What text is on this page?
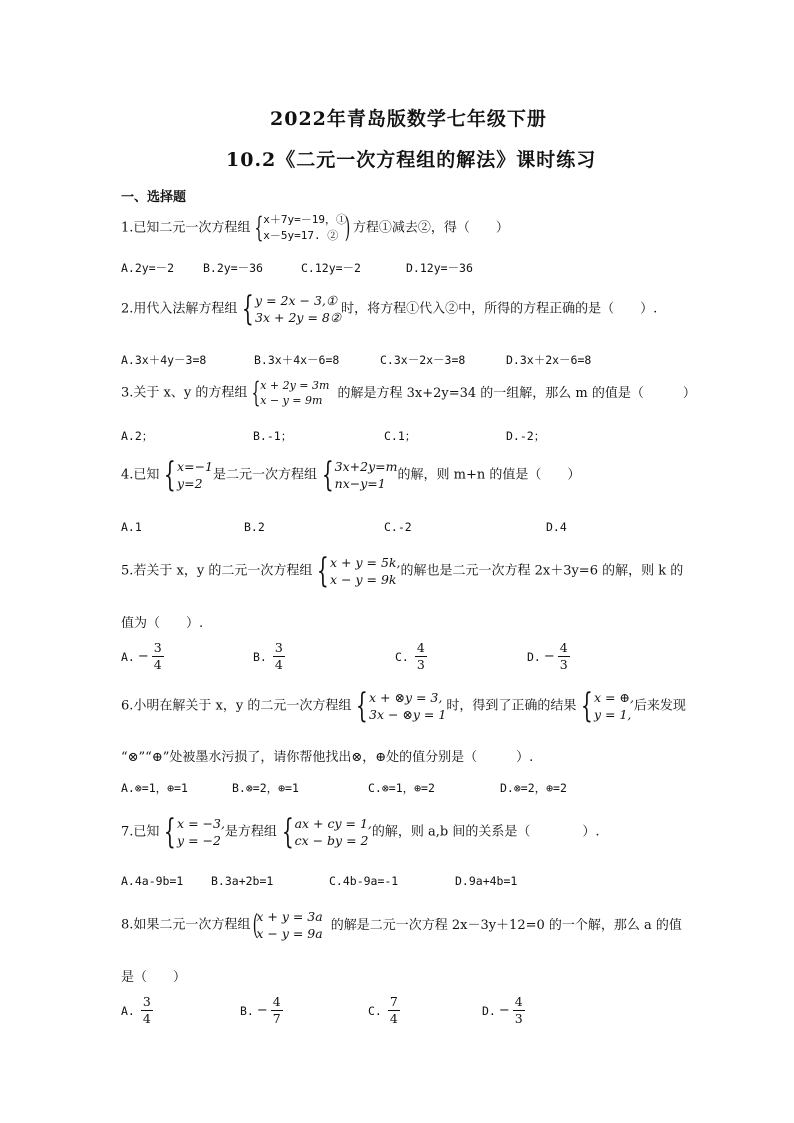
2022年青岛版数学七年级下册
10.2《二元一次方程组的解法》课时练习
一、选择题
1.已知二元一次方程组 { x＋7y=－19，①
x－5y=17. ② ) 方程①减去②，得（　　）
A.2y=－2	B.2y=－36	C.12y=－2	D.12y=－36
2.用代入法解方程组 { y = 2x − 3,①
3x + 2y = 8②
时，将方程①代入②中，所得的方程正确的是（　　）.
A.3x＋4y－3=8	B.3x＋4x－6=8	C.3x－2x－3=8	D.3x＋2x－6=8
3.关于 x、y 的方程组 { x + 2y = 3m
x − y = 9m	的解是方程 3x+2y=34 的一组解，那么 m 的值是（　　　）
A.2；	B.-1；	C.1；	D.-2；
4.已知 { x=−1
y=2
是二元一次方程组 { 3x+2y=m
nx−y=1
的解，则 m+n 的值是（　　）
A.1	B.2	C.-2	D.4
5.若关于 x，y 的二元一次方程组 { x + y = 5k,
x − y = 9k
的解也是二元一次方程 2x＋3y=6 的解，则 k 的
值为（　　）.
A. − $\frac{3}{4}$	B. $\frac{3}{4}$	C. $\frac{4}{3}$	D. − $\frac{4}{3}$
6.小明在解关于 x，y 的二元一次方程组 { x + ⊗y = 3,
3x − ⊗y = 1
时，得到了正确的结果 { x = ⊕,
y = 1,
后来发现
“⊗”“⊕”处被墨水污损了，请你帮他找出⊗，⊕处的值分别是（　　　）.
A.⊗=1，⊕=1	B.⊗=2，⊕=1	C.⊗=1，⊕=2	D.⊗=2，⊕=2
7.已知 { x = −3,
y = −2
是方程组 { ax + cy = 1,
cx − by = 2
的解，则 a,b 间的关系是（　　　　）.
A.4a-9b=1 B.3a+2b=1	C.4b-9a=-1	D.9a+4b=1
8.如果二元一次方程组 (
x + y = 3a
x − y = 9a
的解是二元一次方程 2x－3y＋12=0 的一个解，那么 a 的值
是（　　）
A. $\frac{3}{4}$	B. − $\frac{4}{7}$	C. $\frac{7}{4}$	D. − $\frac{4}{3}$
